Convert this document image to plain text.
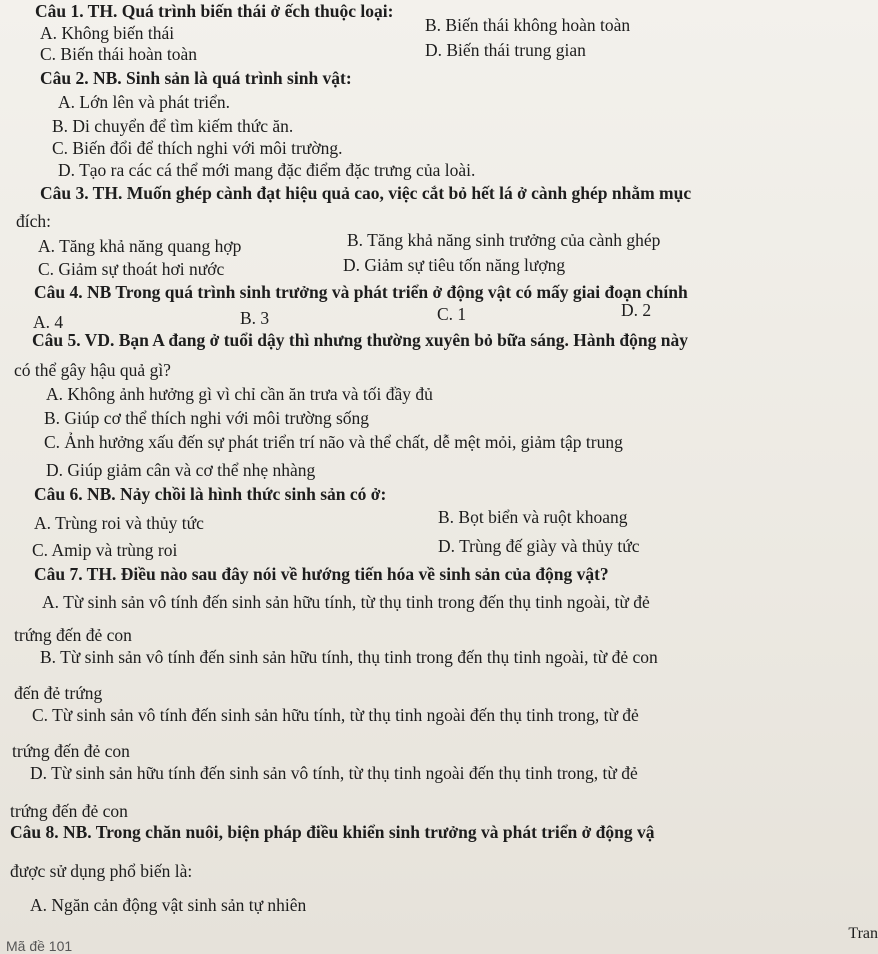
Câu 1. TH. Quá trình biến thái ở ếch thuộc loại:
A. Không biến thái	B. Biến thái không hoàn toàn
C. Biến thái hoàn toàn	D. Biến thái trung gian
Câu 2. NB. Sinh sản là quá trình sinh vật:
A. Lớn lên và phát triển.
B. Di chuyển để tìm kiếm thức ăn.
C. Biến đổi để thích nghi với môi trường.
D. Tạo ra các cá thể mới mang đặc điểm đặc trưng của loài.
Câu 3. TH. Muốn ghép cành đạt hiệu quả cao, việc cắt bỏ hết lá ở cành ghép nhằm mục
đích:
A. Tăng khả năng quang hợp	B. Tăng khả năng sinh trưởng của cành ghép
C. Giảm sự thoát hơi nước	D. Giảm sự tiêu tốn năng lượng
Câu 4. NB Trong quá trình sinh trưởng và phát triển ở động vật có mấy giai đoạn chính
A. 4	B. 3	C. 1	D. 2
Câu 5. VD. Bạn A đang ở tuổi dậy thì nhưng thường xuyên bỏ bữa sáng. Hành động này
có thể gây hậu quả gì?
A. Không ảnh hưởng gì vì chỉ cần ăn trưa và tối đầy đủ
B. Giúp cơ thể thích nghi với môi trường sống
C. Ảnh hưởng xấu đến sự phát triển trí não và thể chất, dễ mệt mỏi, giảm tập trung
D. Giúp giảm cân và cơ thể nhẹ nhàng
Câu 6. NB. Nảy chồi là hình thức sinh sản có ở:
A. Trùng roi và thủy tức	B. Bọt biển và ruột khoang
C. Amip và trùng roi	D. Trùng đế giày và thủy tức
Câu 7. TH. Điều nào sau đây nói về hướng tiến hóa về sinh sản của động vật?
A. Từ sinh sản vô tính đến sinh sản hữu tính, từ thụ tinh trong đến thụ tinh ngoài, từ đẻ
trứng đến đẻ con
B. Từ sinh sản vô tính đến sinh sản hữu tính, thụ tinh trong đến thụ tinh ngoài, từ đẻ con
đến đẻ trứng
C. Từ sinh sản vô tính đến sinh sản hữu tính, từ thụ tinh ngoài đến thụ tinh trong, từ đẻ
trứng đến đẻ con
D. Từ sinh sản hữu tính đến sinh sản vô tính, từ thụ tinh ngoài đến thụ tinh trong, từ đẻ
trứng đến đẻ con
Câu 8. NB. Trong chăn nuôi, biện pháp điều khiển sinh trưởng và phát triển ở động vậ
được sử dụng phổ biến là:
A. Ngăn cản động vật sinh sản tự nhiên
Mã đề 101
Tran
